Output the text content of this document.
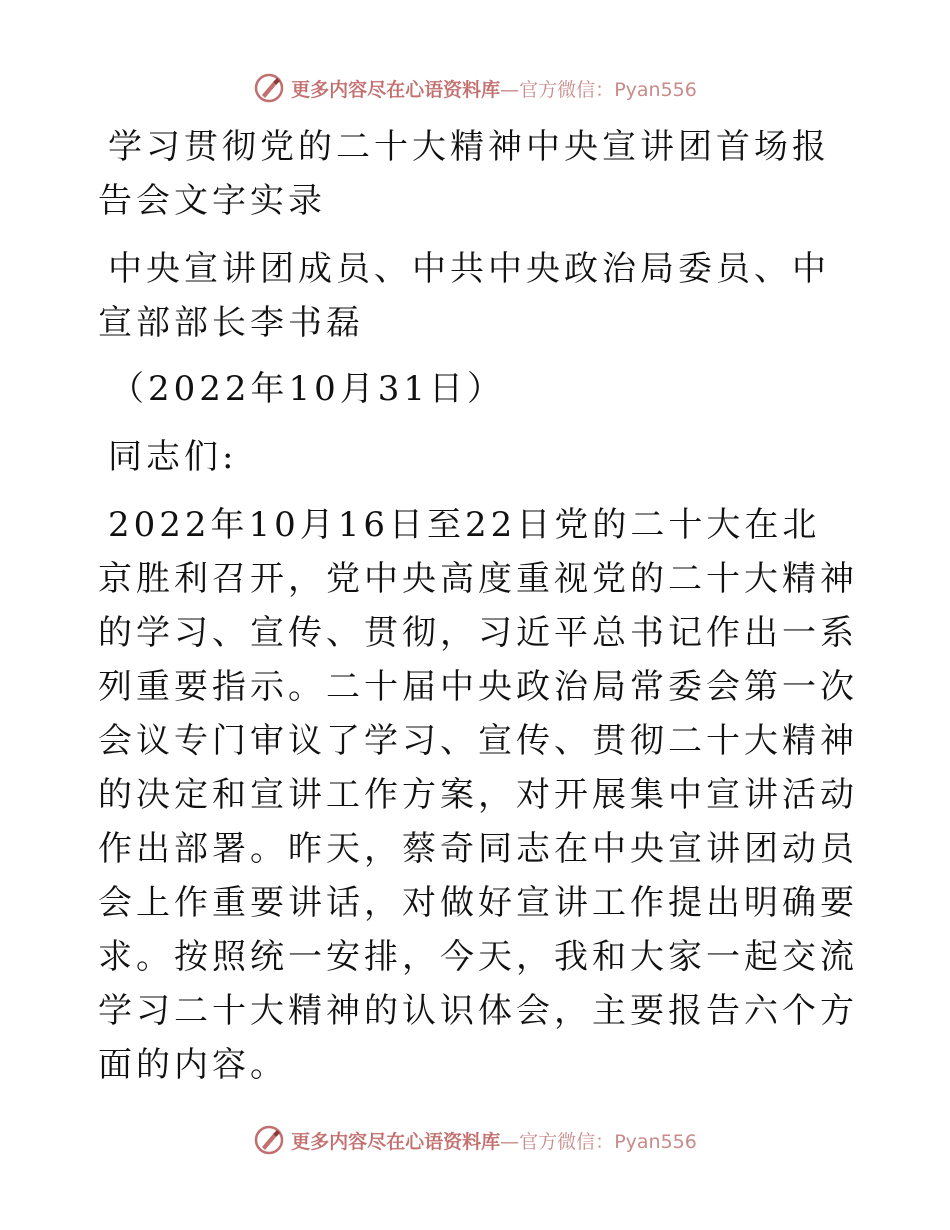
更多内容尽在心语资料库—官方微信：Pyan556

学习贯彻党的二十大精神中央宣讲团首场报告会文字实录

中央宣讲团成员、中共中央政治局委员、中宣部部长李书磊

（2022年10月31日）

同志们:

2022年10月16日至22日党的二十大在北京胜利召开，党中央高度重视党的二十大精神的学习、宣传、贯彻，习近平总书记作出一系列重要指示。二十届中央政治局常委会第一次会议专门审议了学习、宣传、贯彻二十大精神的决定和宣讲工作方案，对开展集中宣讲活动作出部署。昨天，蔡奇同志在中央宣讲团动员会上作重要讲话，对做好宣讲工作提出明确要求。按照统一安排，今天，我和大家一起交流学习二十大精神的认识体会，主要报告六个方面的内容。

更多内容尽在心语资料库—官方微信：Pyan556
